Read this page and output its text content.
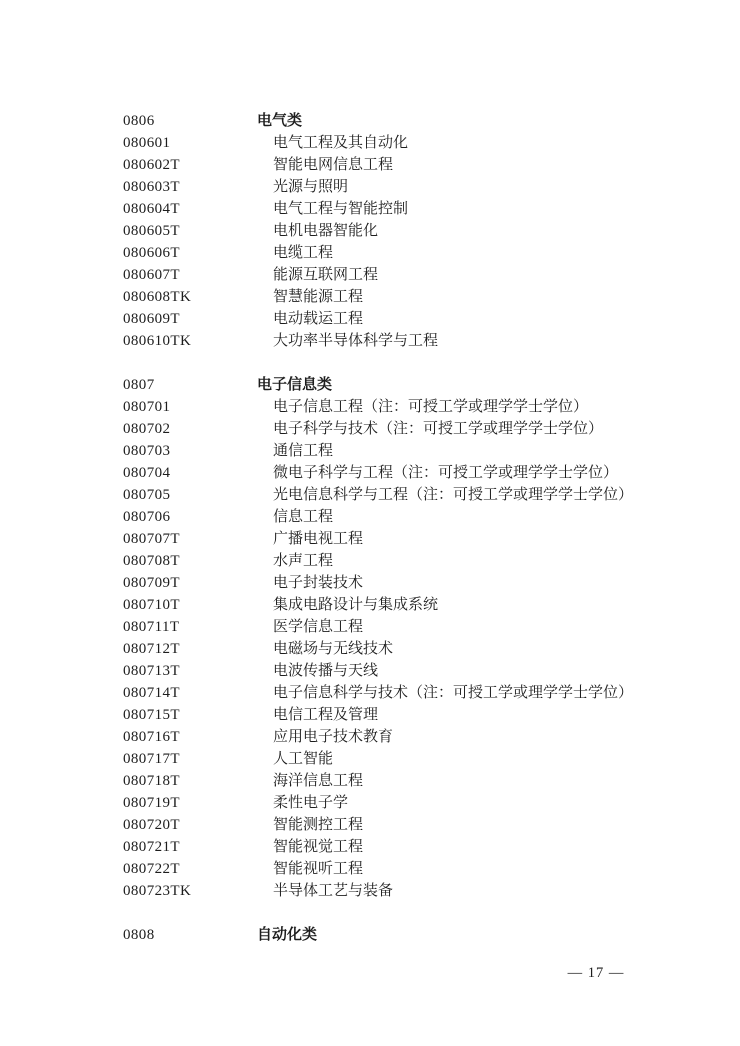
0806	电气类
080601	电气工程及其自动化
080602T	智能电网信息工程
080603T	光源与照明
080604T	电气工程与智能控制
080605T	电机电器智能化
080606T	电缆工程
080607T	能源互联网工程
080608TK	智慧能源工程
080609T	电动载运工程
080610TK	大功率半导体科学与工程
0807	电子信息类
080701	电子信息工程（注：可授工学或理学学士学位）
080702	电子科学与技术（注：可授工学或理学学士学位）
080703	通信工程
080704	微电子科学与工程（注：可授工学或理学学士学位）
080705	光电信息科学与工程（注：可授工学或理学学士学位）
080706	信息工程
080707T	广播电视工程
080708T	水声工程
080709T	电子封装技术
080710T	集成电路设计与集成系统
080711T	医学信息工程
080712T	电磁场与无线技术
080713T	电波传播与天线
080714T	电子信息科学与技术（注：可授工学或理学学士学位）
080715T	电信工程及管理
080716T	应用电子技术教育
080717T	人工智能
080718T	海洋信息工程
080719T	柔性电子学
080720T	智能测控工程
080721T	智能视觉工程
080722T	智能视听工程
080723TK	半导体工艺与装备
0808	自动化类
— 17 —
